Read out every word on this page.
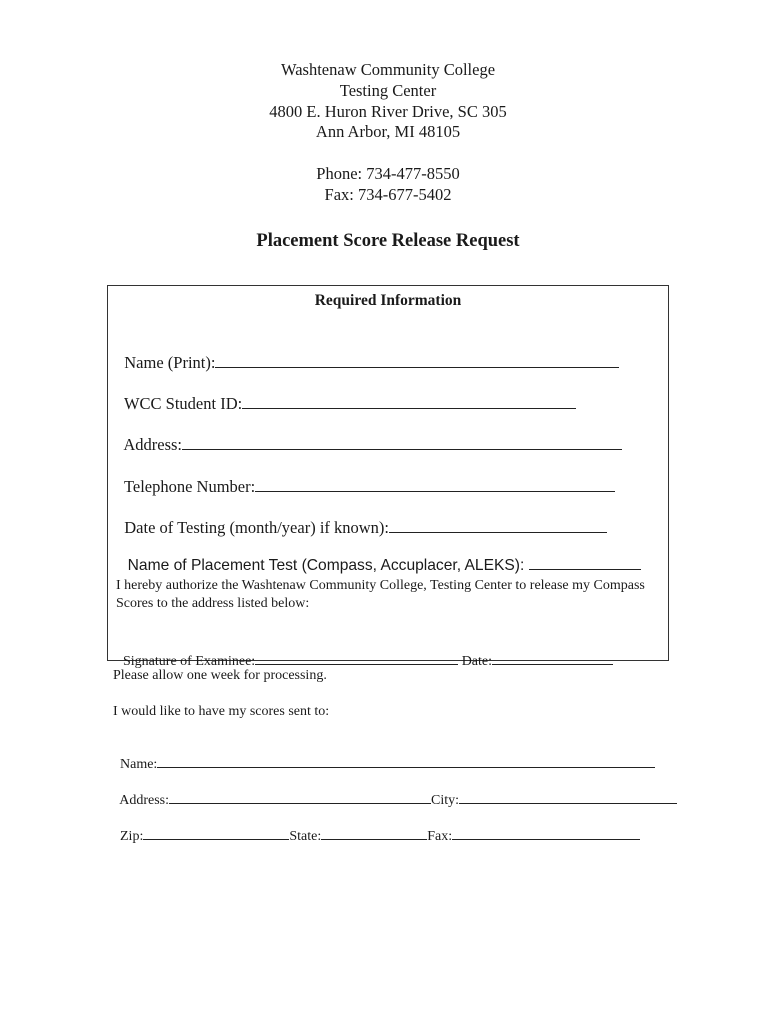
Washtenaw Community College
Testing Center
4800 E. Huron River Drive, SC 305
Ann Arbor, MI 48105
Phone: 734-477-8550
Fax: 734-677-5402
Placement Score Release Request
Required Information

Name (Print):

WCC Student ID:

Address:

Telephone Number:

Date of Testing (month/year) if known):

Name of Placement Test (Compass, Accuplacer, ALEKS):

I hereby authorize the Washtenaw Community College, Testing Center to release my Compass Scores to the address listed below:

Signature of Examinee:	Date:

Please allow one week for processing.
I would like to have my scores sent to:

Name:

Address:	City:

Zip:	State:	Fax:
